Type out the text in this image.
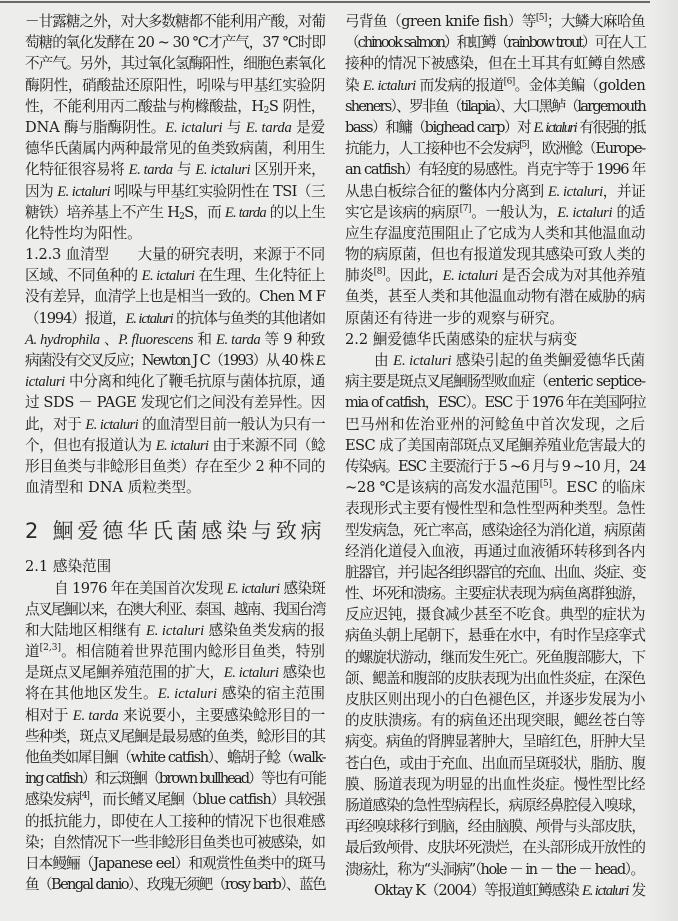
－甘露糖之外，对大多数糖都不能利用产酸，对葡
萄糖的氧化发酵在 20 ~ 30 ℃才产气，37 ℃时即
不产气。另外，其过氧化氢酶阳性，细胞色素氧化
酶阴性，硝酸盐还原阳性，吲哚与甲基红实验阴
性，不能利用丙二酸盐与枸橼酸盐，$H_2S$ 阴性，
DNA 酶与脂酶阴性。E. ictaluri 与 E. tarda 是爱
德华氏菌属内两种最常见的鱼类致病菌，利用生
化特征很容易将 E. tarda 与 E. ictaluri 区别开来，
因为 E. ictaluri 吲哚与甲基红实验阴性在 TSI（三
糖铁）培养基上不产生 $H_2S$，而 E. tarda 的以上生
化特性均为阳性。
1.2.3 血清型　　大量的研究表明，来源于不同
区域、不同鱼种的 E. ictaluri 在生理、生化特征上
没有差异，血清学上也是相当一致的。Chen M F
（1994）报道，E. ictaluri 的抗体与鱼类的其他诸如
A. hydrophila 、P. fluorescens 和 E. tarda 等 9 种致
病菌没有交叉反应；Newton J C（1993）从 40 株 E.
ictaluri 中分离和纯化了鞭毛抗原与菌体抗原，通
过 SDS － PAGE 发现它们之间没有差异性。因
此，对于 E. ictaluri 的血清型目前一般认为只有一
个，但也有报道认为 E. ictaluri 由于来源不同（鲶
形目鱼类与非鲶形目鱼类）存在至少 2 种不同的
血清型和 DNA 质粒类型。
2 鮰爱德华氏菌感染与致病
2.1 感染范围
自 1976 年在美国首次发现 E. ictaluri 感染斑
点叉尾鮰以来，在澳大利亚、泰国、越南、我国台湾
和大陆地区相继有 E. ictaluri 感染鱼类发病的报
道[2,3]。相信随着世界范围内鲶形目鱼类，特别
是斑点叉尾鮰养殖范围的扩大，E. ictaluri 感染也
将在其他地区发生。E. ictaluri 感染的宿主范围
相对于 E. tarda 来说要小，主要感染鲶形目的一
些种类，斑点叉尾鮰是最易感的鱼类，鲶形目的其
他鱼类如犀目鮰（white catfish）、蟾胡子鲶（walk-
ing catfish）和云斑鮰（brown bullhead）等也有可能
感染发病[4]，而长鳍叉尾鮰（blue catfish）具较强
的抵抗能力，即使在人工接种的情况下也很难感
染；自然情况下一些非鲶形目鱼类也可被感染，如
日本鳗鲡（Japanese eel）和观赏性鱼类中的斑马
鱼（Bengal danio）、玫瑰无须鲃（rosy barb）、蓝色
弓背鱼（green knife fish）等[5]；大鳞大麻哈鱼
（chinook salmon）和虹鳟（rainbow trout）可在人工
接种的情况下被感染，但在土耳其有虹鳟自然感
染 E. ictaluri 而发病的报道[6]。金体美鳊（golden
sheners）、罗非鱼（tilapia）、大口黑鲈（largemouth
bass）和鳙（bighead carp）对 E. ictaluri 有很强的抵
抗能力，人工接种也不会发病[5]，欧洲鲶（Europe-
an catfish）有轻度的易感性。肖克宇等于 1996 年
从患白板综合征的鳖体内分离到 E. ictaluri，并证
实它是该病的病原[7]。一般认为，E. ictaluri 的适
应生存温度范围阻止了它成为人类和其他温血动
物的病原菌，但也有报道发现其感染可致人类的
肺炎[8]。因此，E. ictaluri 是否会成为对其他养殖
鱼类，甚至人类和其他温血动物有潜在威胁的病
原菌还有待进一步的观察与研究。
2.2 鮰爱德华氏菌感染的症状与病变
由 E. ictaluri 感染引起的鱼类鮰爱德华氏菌
病主要是斑点叉尾鮰肠型败血症（enteric septice-
mia of catfish，ESC）。ESC 于 1976 年在美国阿拉
巴马州和佐治亚州的河鲶鱼中首次发现，之后
ESC 成了美国南部斑点叉尾鮰养殖业危害最大的
传染病。ESC 主要流行于 5 ~6 月与 9 ~10 月，24
~28 ℃是该病的高发水温范围[5]。ESC 的临床
表现形式主要有慢性型和急性型两种类型。急性
型发病急，死亡率高，感染途径为消化道，病原菌
经消化道侵入血液，再通过血液循环转移到各内
脏器官，并引起各组织器官的充血、出血、炎症、变
性、坏死和溃疡。主要症状表现为病鱼离群独游，
反应迟钝，摄食减少甚至不吃食。典型的症状为
病鱼头朝上尾朝下，悬垂在水中，有时作呈痉挛式
的螺旋状游动，继而发生死亡。死鱼腹部膨大，下
颌、鳃盖和腹部的皮肤表现为出血性炎症，在深色
皮肤区则出现小的白色褪色区，并逐步发展为小
的皮肤溃疡。有的病鱼还出现突眼，鳃丝苍白等
病变。病鱼的肾脾显著肿大，呈暗红色，肝肿大呈
苍白色，或由于充血、出血而呈斑驳状，脂肪、腹
膜、肠道表现为明显的出血性炎症。慢性型比经
肠道感染的急性型病程长，病原经鼻腔侵入嗅球，
再经嗅球移行到脑，经由脑膜、颅骨与头部皮肤，
最后致颅骨、皮肤坏死溃烂，在头部形成开放性的
溃疡灶，称为“头洞病”（hole － in － the － head）。
Oktay K（2004）等报道虹鳟感染 E. ictaluri 发
